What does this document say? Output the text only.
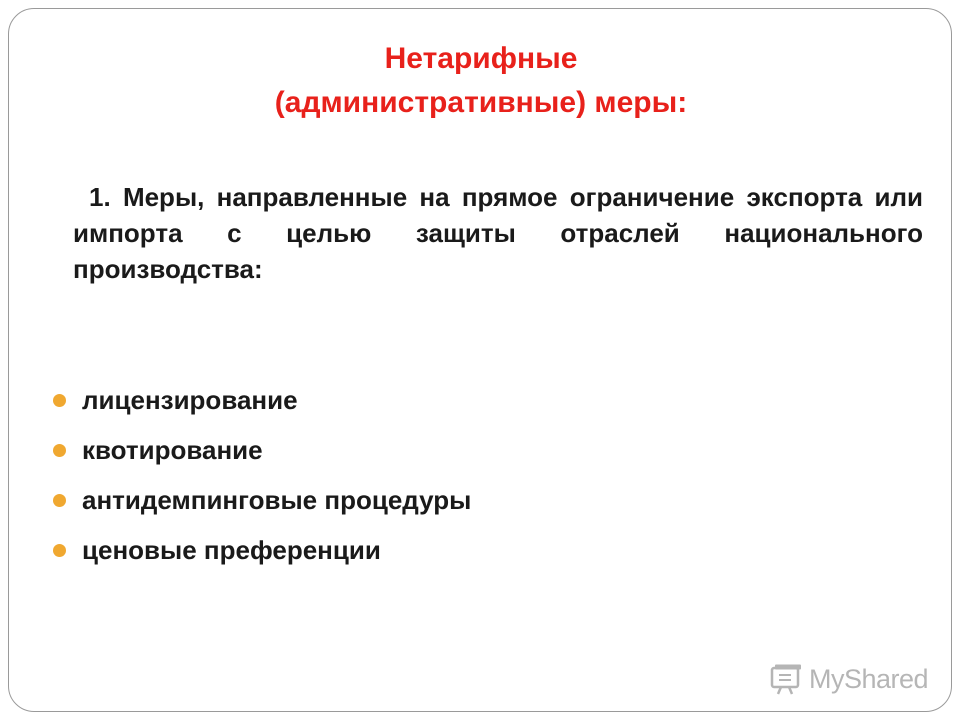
Нетарифные
(административные) меры:
1. Меры, направленные на прямое ограничение экспорта или импорта с целью защиты отраслей национального производства:
лицензирование
квотирование
антидемпинговые процедуры
ценовые преференции
MyShared
